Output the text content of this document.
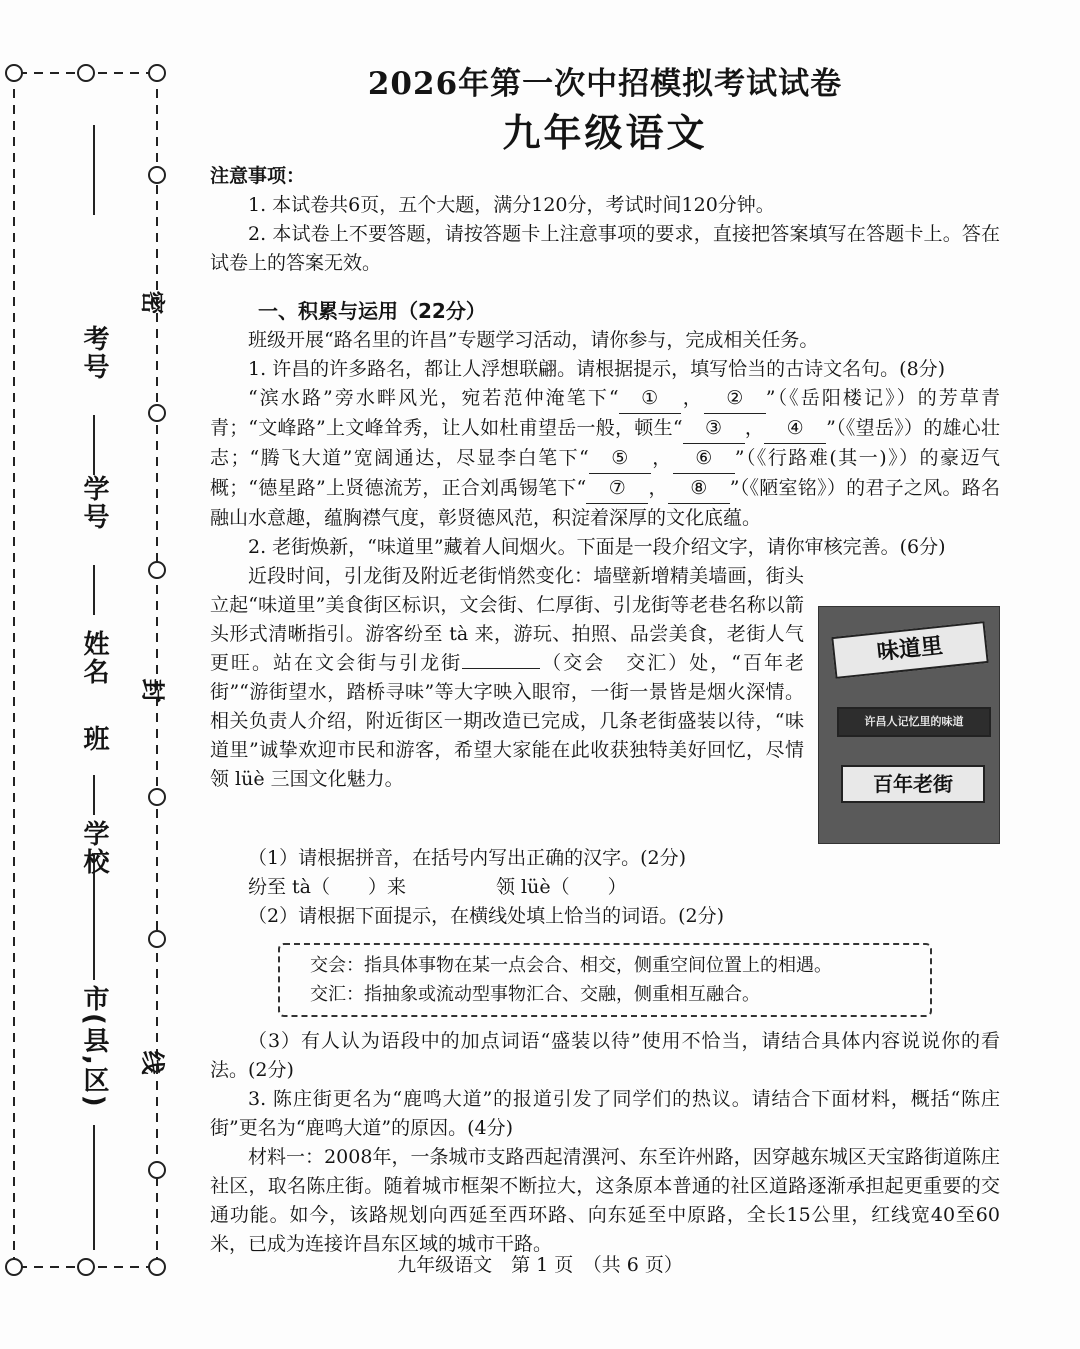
考号
学号
姓名
班
学校
市(县,区)
密
封
线
2026年第一次中招模拟考试试卷
九年级语文
注意事项：
1. 本试卷共6页，五个大题，满分120分，考试时间120分钟。
2. 本试卷上不要答题，请按答题卡上注意事项的要求，直接把答案填写在答题卡上。答在试卷上的答案无效。
一、积累与运用（22分）
班级开展“路名里的许昌”专题学习活动，请你参与，完成相关任务。
1. 许昌的许多路名，都让人浮想联翩。请根据提示，填写恰当的古诗文名句。(8分)
“滨水路”旁水畔风光，宛若范仲淹笔下“ ① ， ② ”（《岳阳楼记》）的芳草青青；“文峰路”上文峰耸秀，让人如杜甫望岳一般，顿生“ ③ ， ④ ”（《望岳》）的雄心壮志；“腾飞大道”宽阔通达，尽显李白笔下“ ⑤ ， ⑥ ”（《行路难(其一)》）的豪迈气概；“德星路”上贤德流芳，正合刘禹锡笔下“ ⑦ ， ⑧ ”（《陋室铭》）的君子之风。路名融山水意趣，蕴胸襟气度，彰贤德风范，积淀着深厚的文化底蕴。
2. 老街焕新，“味道里”藏着人间烟火。下面是一段介绍文字，请你审核完善。(6分)
近段时间，引龙街及附近老街悄然变化：墙壁新增精美墙画，街头立起“味道里”美食街区标识，文会街、仁厚街、引龙街等老巷名称以箭头形式清晰指引。游客纷至 tà 来，游玩、拍照、品尝美食，老街人气更旺。站在文会街与引龙街	（交会　交汇）处，“百年老街”“游街望水，踏桥寻味”等大字映入眼帘，一街一景皆是烟火深情。相关负责人介绍，附近街区一期改造已完成，几条老街盛装以待，“味道里”诚挚欢迎市民和游客，希望大家能在此收获独特美好回忆，尽情领 lüè 三国文化魅力。
味道里
许昌人记忆里的味道
百年老街
（1）请根据拼音，在括号内写出正确的汉字。(2分)
纷至 tà（　　）来	领 lüè（　　）
（2）请根据下面提示，在横线处填上恰当的词语。(2分)
交会：指具体事物在某一点会合、相交，侧重空间位置上的相遇。
交汇：指抽象或流动型事物汇合、交融，侧重相互融合。
（3）有人认为语段中的加点词语“盛装以待”使用不恰当，请结合具体内容说说你的看法。(2分)
3. 陈庄街更名为“鹿鸣大道”的报道引发了同学们的热议。请结合下面材料，概括“陈庄街”更名为“鹿鸣大道”的原因。(4分)
材料一：2008年，一条城市支路西起清潩河、东至许州路，因穿越东城区天宝路街道陈庄社区，取名陈庄街。随着城市框架不断拉大，这条原本普通的社区道路逐渐承担起更重要的交通功能。如今，该路规划向西延至西环路、向东延至中原路，全长15公里，红线宽40至60米，已成为连接许昌东区域的城市干路。
九年级语文　第 1 页　（共 6 页）
